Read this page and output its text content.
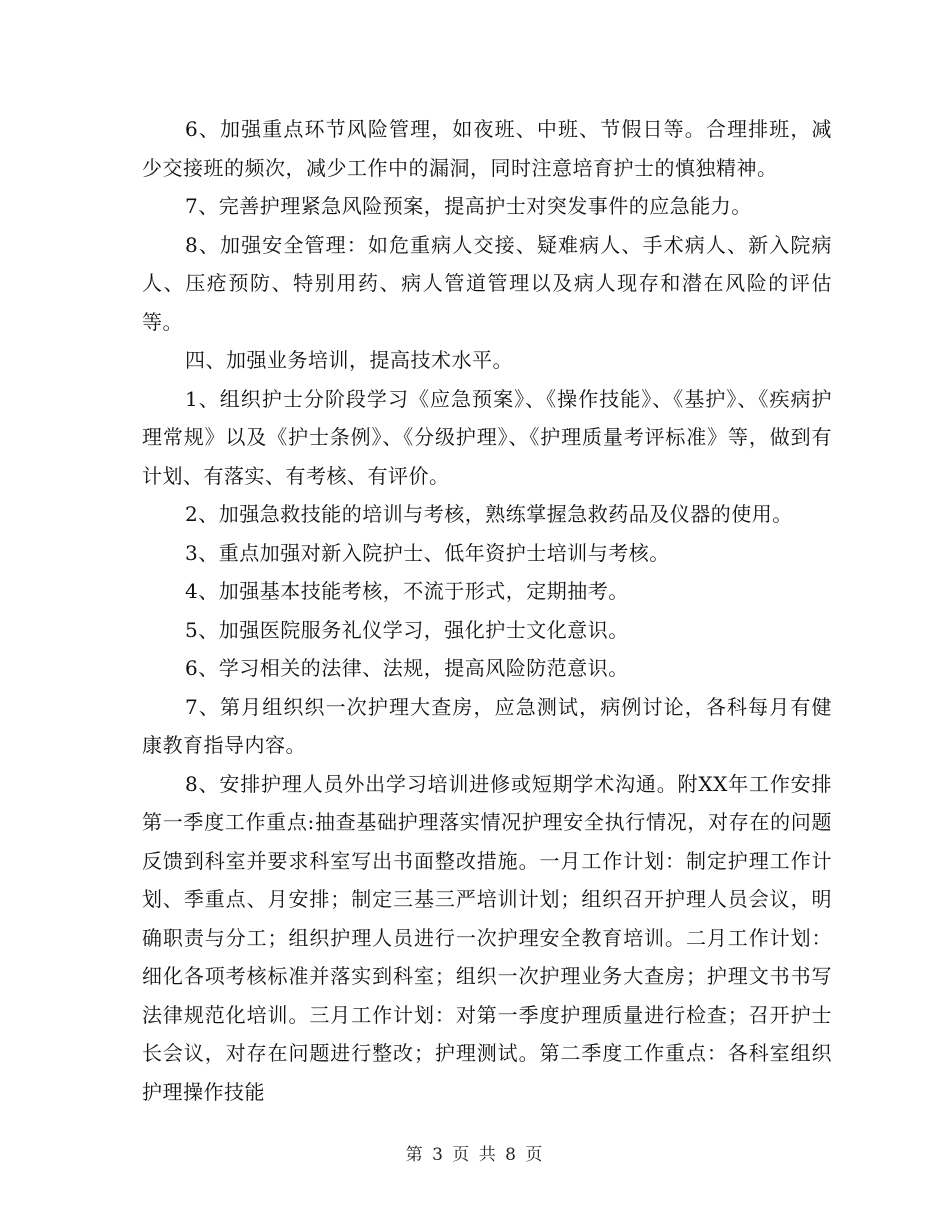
6、加强重点环节风险管理，如夜班、中班、节假日等。合理排班，减少交接班的频次，减少工作中的漏洞，同时注意培育护士的慎独精神。

7、完善护理紧急风险预案，提高护士对突发事件的应急能力。

8、加强安全管理：如危重病人交接、疑难病人、手术病人、新入院病人、压疮预防、特别用药、病人管道管理以及病人现存和潜在风险的评估等。

四、加强业务培训，提高技术水平。

1、组织护士分阶段学习《应急预案》、《操作技能》、《基护》、《疾病护理常规》以及《护士条例》、《分级护理》、《护理质量考评标准》等，做到有计划、有落实、有考核、有评价。

2、加强急救技能的培训与考核，熟练掌握急救药品及仪器的使用。

3、重点加强对新入院护士、低年资护士培训与考核。

4、加强基本技能考核，不流于形式，定期抽考。

5、加强医院服务礼仪学习，强化护士文化意识。

6、学习相关的法律、法规，提高风险防范意识。

7、第月组织织一次护理大查房，应急测试，病例讨论，各科每月有健康教育指导内容。

8、安排护理人员外出学习培训进修或短期学术沟通。附XX年工作安排第一季度工作重点:抽查基础护理落实情况护理安全执行情况，对存在的问题反馈到科室并要求科室写出书面整改措施。一月工作计划：制定护理工作计划、季重点、月安排；制定三基三严培训计划；组织召开护理人员会议，明确职责与分工；组织护理人员进行一次护理安全教育培训。二月工作计划：细化各项考核标准并落实到科室；组织一次护理业务大查房；护理文书书写法律规范化培训。三月工作计划：对第一季度护理质量进行检查；召开护士长会议，对存在问题进行整改；护理测试。第二季度工作重点：各科室组织护理操作技能

第 3 页 共 8 页
